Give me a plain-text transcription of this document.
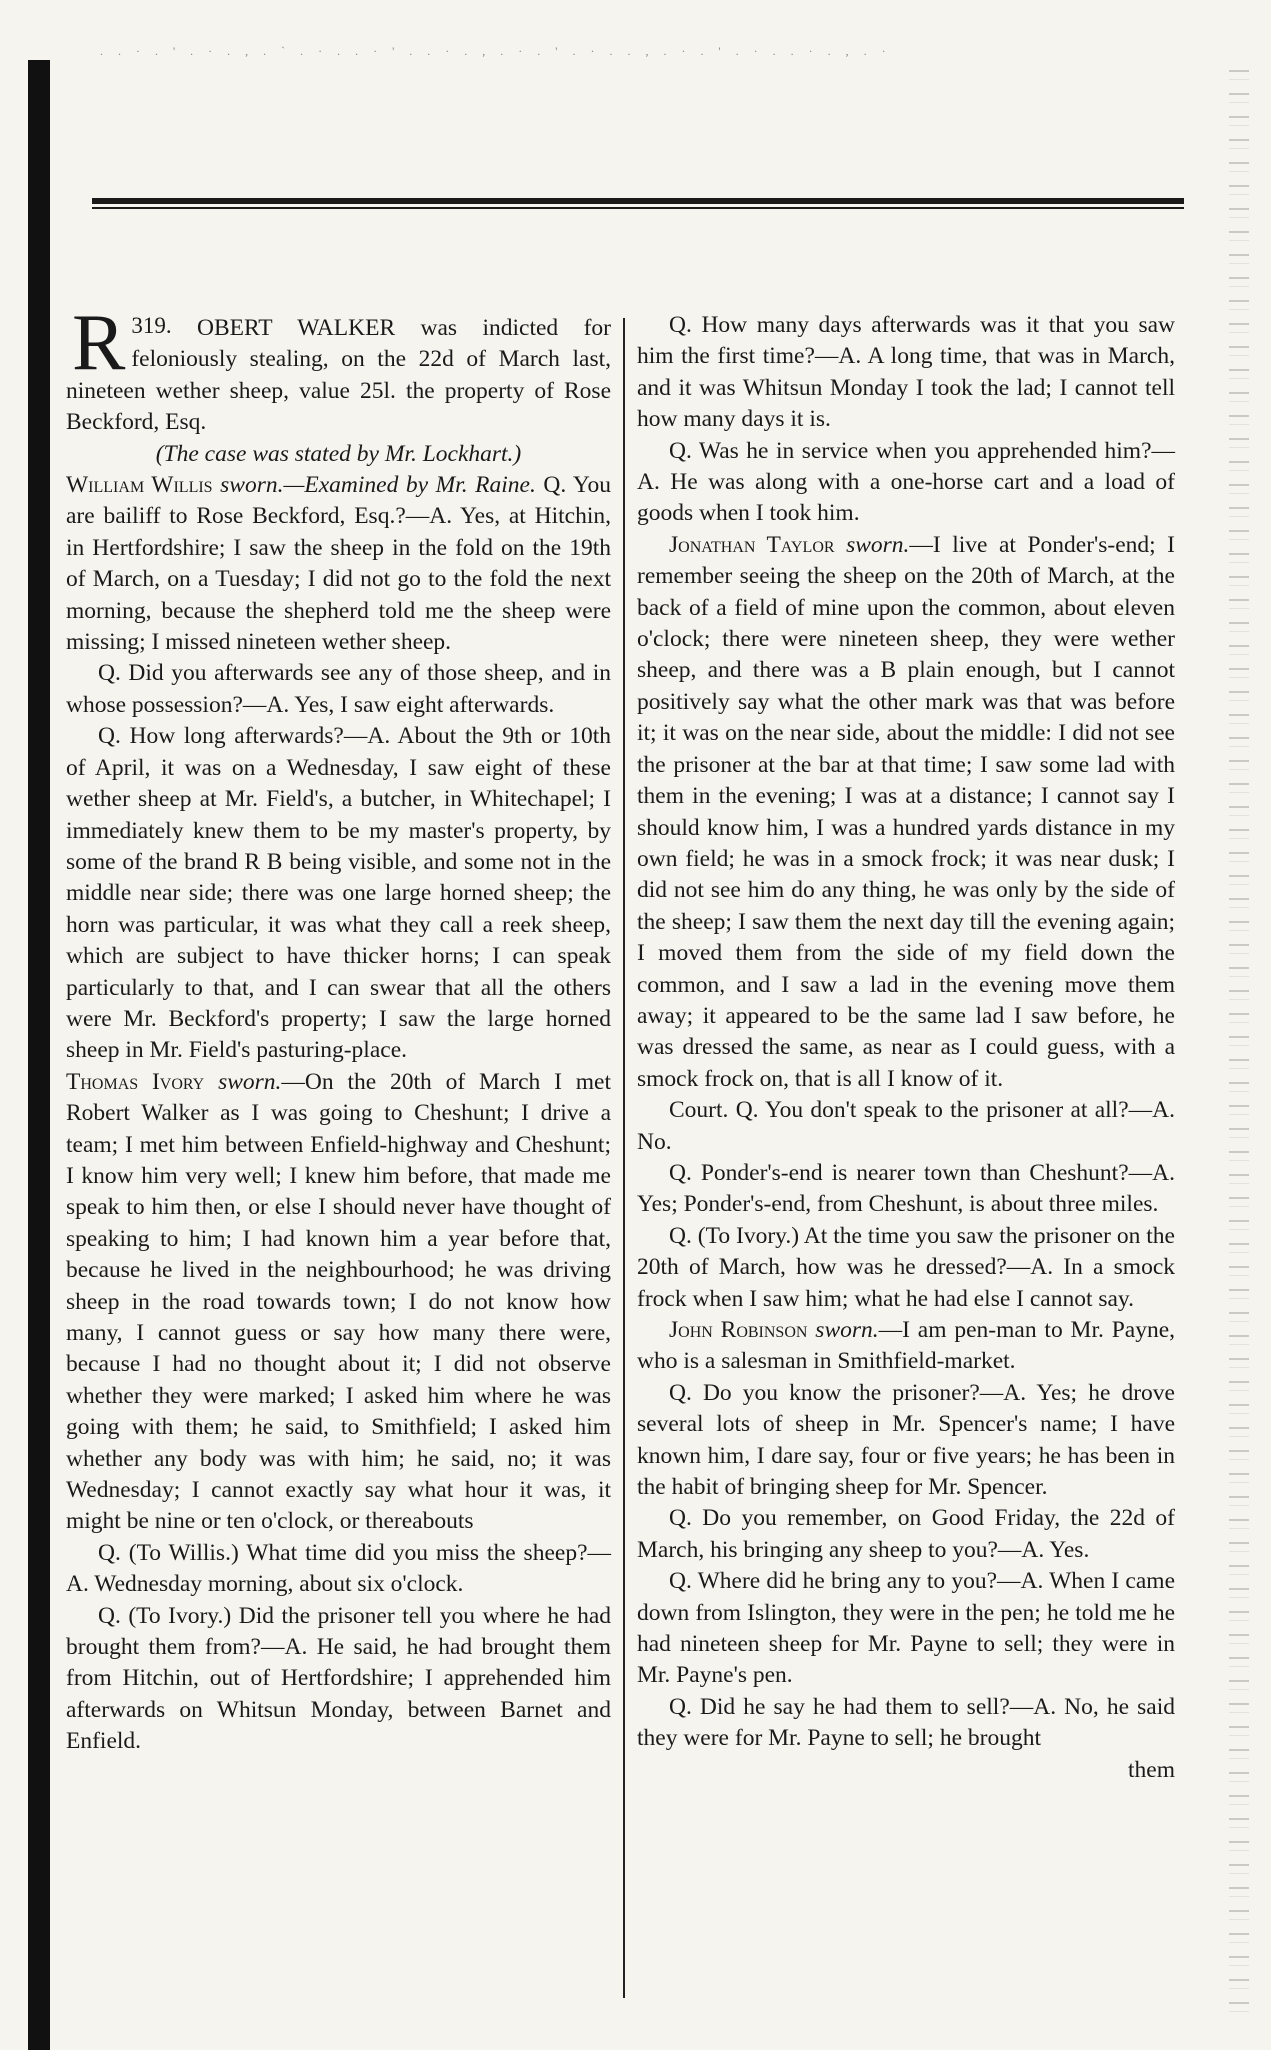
. . · . ' . · . , . ` . · . . · ' . . · . , . · . ' . · . . , . · . ' . · . . · . , . ·

319.
R	OBERT WALKER was indicted for feloniously stealing, on the 22d of March last, nineteen wether sheep, value 25l. the property of Rose Beckford, Esq.

(The case was stated by Mr. Lockhart.)

William Willis sworn.—Examined by Mr. Raine. Q. You are bailiff to Rose Beckford, Esq.?—A. Yes, at Hitchin, in Hertfordshire; I saw the sheep in the fold on the 19th of March, on a Tuesday; I did not go to the fold the next morning, because the shepherd told me the sheep were missing; I missed nineteen wether sheep.

Q. Did you afterwards see any of those sheep, and in whose possession?—A. Yes, I saw eight afterwards.

Q. How long afterwards?—A. About the 9th or 10th of April, it was on a Wednesday, I saw eight of these wether sheep at Mr. Field's, a butcher, in Whitechapel; I immediately knew them to be my master's property, by some of the brand R B being visible, and some not in the middle near side; there was one large horned sheep; the horn was particular, it was what they call a reek sheep, which are subject to have thicker horns; I can speak particularly to that, and I can swear that all the others were Mr. Beckford's property; I saw the large horned sheep in Mr. Field's pasturing-place.

Thomas Ivory sworn.—On the 20th of March I met Robert Walker as I was going to Cheshunt; I drive a team; I met him between Enfield-highway and Cheshunt; I know him very well; I knew him before, that made me speak to him then, or else I should never have thought of speaking to him; I had known him a year before that, because he lived in the neighbourhood; he was driving sheep in the road towards town; I do not know how many, I cannot guess or say how many there were, because I had no thought about it; I did not observe whether they were marked; I asked him where he was going with them; he said, to Smithfield; I asked him whether any body was with him; he said, no; it was Wednesday; I cannot exactly say what hour it was, it might be nine or ten o'clock, or thereabouts

Q. (To Willis.) What time did you miss the sheep?—A. Wednesday morning, about six o'clock.

Q. (To Ivory.) Did the prisoner tell you where he had brought them from?—A. He said, he had brought them from Hitchin, out of Hertfordshire; I apprehended him afterwards on Whitsun Monday, between Barnet and Enfield.

Q. How many days afterwards was it that you saw him the first time?—A. A long time, that was in March, and it was Whitsun Monday I took the lad; I cannot tell how many days it is.

Q. Was he in service when you apprehended him?—A. He was along with a one-horse cart and a load of goods when I took him.

Jonathan Taylor sworn.—I live at Ponder's-end; I remember seeing the sheep on the 20th of March, at the back of a field of mine upon the common, about eleven o'clock; there were nineteen sheep, they were wether sheep, and there was a B plain enough, but I cannot positively say what the other mark was that was before it; it was on the near side, about the middle: I did not see the prisoner at the bar at that time; I saw some lad with them in the evening; I was at a distance; I cannot say I should know him, I was a hundred yards distance in my own field; he was in a smock frock; it was near dusk; I did not see him do any thing, he was only by the side of the sheep; I saw them the next day till the evening again; I moved them from the side of my field down the common, and I saw a lad in the evening move them away; it appeared to be the same lad I saw before, he was dressed the same, as near as I could guess, with a smock frock on, that is all I know of it.

Court. Q. You don't speak to the prisoner at all?—A. No.

Q. Ponder's-end is nearer town than Cheshunt?—A. Yes; Ponder's-end, from Cheshunt, is about three miles.

Q. (To Ivory.) At the time you saw the prisoner on the 20th of March, how was he dressed?—A. In a smock frock when I saw him; what he had else I cannot say.

John Robinson sworn.—I am pen-man to Mr. Payne, who is a salesman in Smithfield-market.

Q. Do you know the prisoner?—A. Yes; he drove several lots of sheep in Mr. Spencer's name; I have known him, I dare say, four or five years; he has been in the habit of bringing sheep for Mr. Spencer.

Q. Do you remember, on Good Friday, the 22d of March, his bringing any sheep to you?—A. Yes.

Q. Where did he bring any to you?—A. When I came down from Islington, they were in the pen; he told me he had nineteen sheep for Mr. Payne to sell; they were in Mr. Payne's pen.

Q. Did he say he had them to sell?—A. No, he said they were for Mr. Payne to sell; he brought

them
